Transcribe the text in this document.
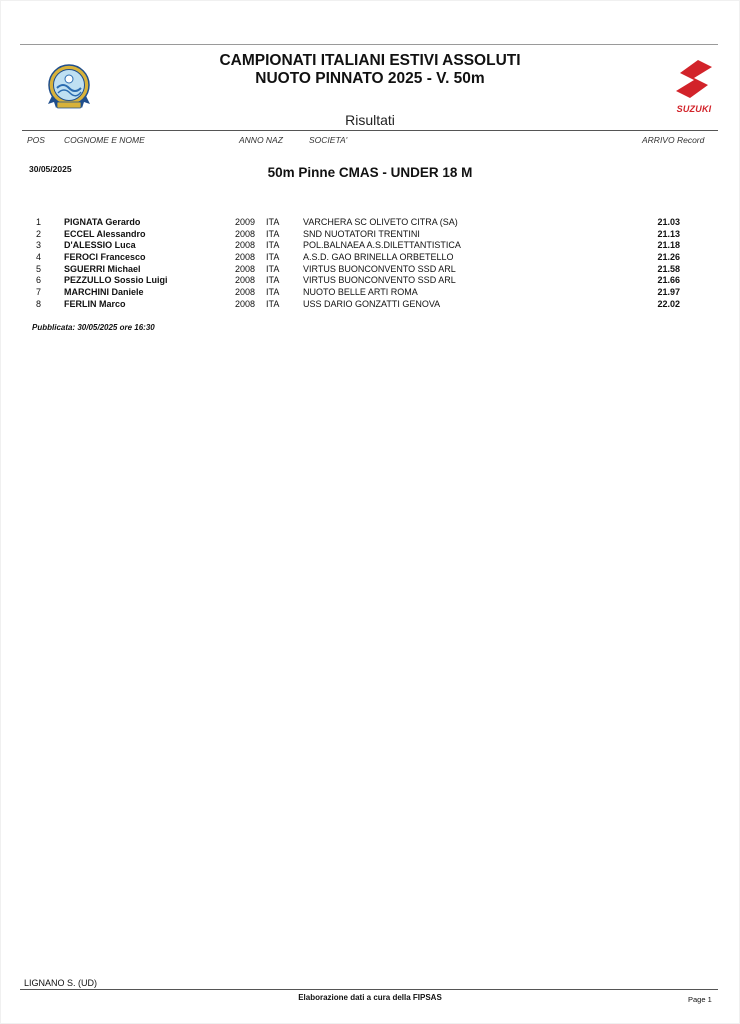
CAMPIONATI ITALIANI ESTIVI ASSOLUTI
NUOTO PINNATO 2025 - V. 50m
SUZUKI
Risultati
POS COGNOME E NOME	ANNO NAZ	SOCIETA'	ARRIVO Record
30/05/2025	50m Pinne CMAS - UNDER 18 M
1	PIGNATA Gerardo	2009 ITA	VARCHERA SC OLIVETO CITRA (SA)	21.03
2	ECCEL Alessandro	2008 ITA	SND NUOTATORI TRENTINI	21.13
3	D'ALESSIO Luca	2008 ITA	POL.BALNAEA A.S.DILETTANTISTICA	21.18
4	FEROCI Francesco	2008 ITA	A.S.D. GAO BRINELLA ORBETELLO	21.26
5	SGUERRI Michael	2008 ITA	VIRTUS BUONCONVENTO SSD ARL	21.58
6	PEZZULLO Sossio Luigi	2008 ITA	VIRTUS BUONCONVENTO SSD ARL	21.66
7	MARCHINI Daniele	2008 ITA	NUOTO BELLE ARTI ROMA	21.97
8	FERLIN Marco	2008 ITA	USS DARIO GONZATTI GENOVA	22.02
Pubblicata: 30/05/2025 ore 16:30
LIGNANO S. (UD)
Elaborazione dati a cura della FIPSAS	Page 1
